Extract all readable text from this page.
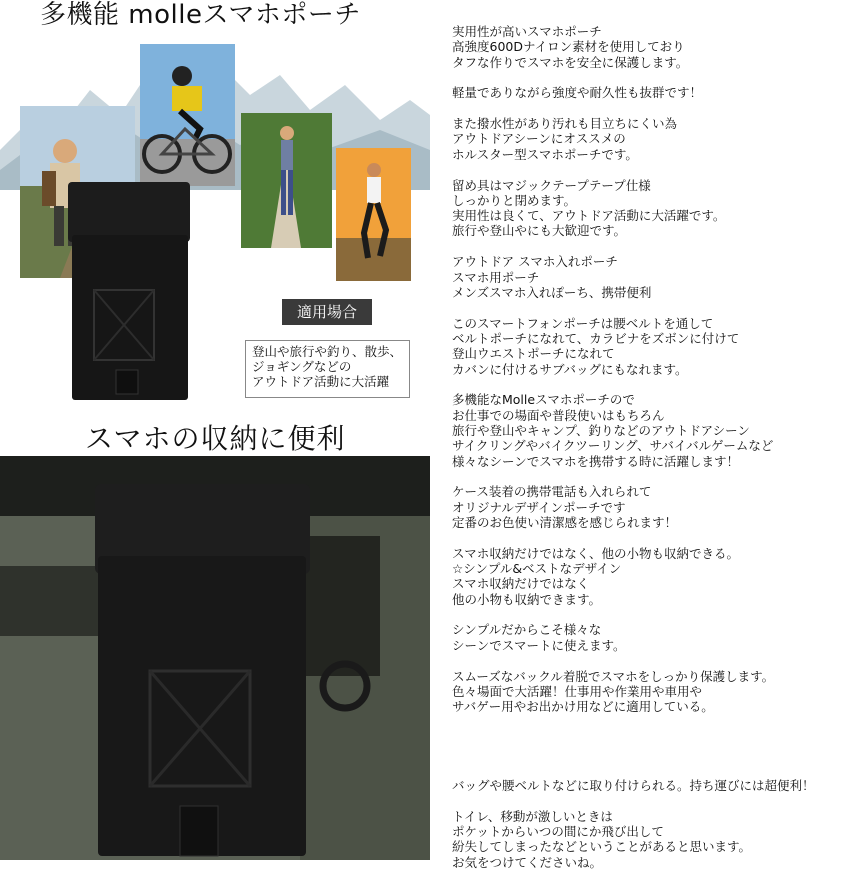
多機能 molleスマホポーチ
適用場合
登山や旅行や釣り、散歩、
ジョギングなどの
アウトドア活動に大活躍
スマホの収納に便利
実用性が高いスマホポーチ
高強度600Dナイロン素材を使用しており
タフな作りでスマホを安全に保護します。
軽量でありながら強度や耐久性も抜群です！
また撥水性があり汚れも目立ちにくい為
アウトドアシーンにオススメの
ホルスター型スマホポーチです。
留め具はマジックテープテープ仕様
しっかりと閉めます。
実用性は良くて、アウトドア活動に大活躍です。
旅行や登山やにも大歓迎です。
アウトドア スマホ入れポーチ
スマホ用ポーチ
メンズスマホ入れぽーち、携帯便利
このスマートフォンポーチは腰ベルトを通して
ベルトポーチになれて、カラビナをズボンに付けて
登山ウエストポーチになれて
カバンに付けるサブバッグにもなれます。
多機能なMolleスマホポーチので
お仕事での場面や普段使いはもちろん
旅行や登山やキャンプ、釣りなどのアウトドアシーン
サイクリングやバイクツーリング、サバイバルゲームなど
様々なシーンでスマホを携帯する時に活躍します！
ケース装着の携帯電話も入れられて
オリジナルデザインポーチです
定番のお色使い清潔感を感じられます！
スマホ収納だけではなく、他の小物も収納できる。
☆シンプル&ベストなデザイン
スマホ収納だけではなく
他の小物も収納できます。
シンプルだからこそ様々な
シーンでスマートに使えます。
スムーズなバックル着脱でスマホをしっかり保護します。
色々場面で大活躍！仕事用や作業用や車用や
サバゲー用やお出かけ用などに適用している。
バッグや腰ベルトなどに取り付けられる。持ち運びには超便利！
トイレ、移動が激しいときは
ポケットからいつの間にか飛び出して
紛失してしまったなどということがあると思います。
お気をつけてくださいね。
